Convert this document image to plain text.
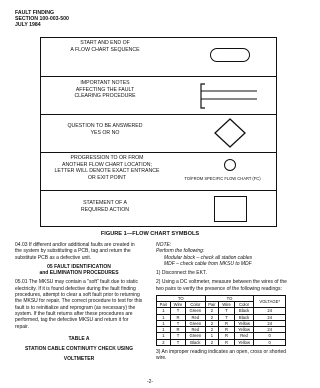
FAULT FINDING
SECTION 100-003-500
JULY 1984
START AND END OF
A FLOW CHART SEQUENCE
IMPORTANT NOTES
AFFECTING THE FAULT
CLEARING PROCEDURE
QUESTION TO BE ANSWERED
YES OR NO
PROGRESSION TO OR FROM
ANOTHER FLOW CHART LOCATION;
LETTER WILL DENOTE EXACT ENTRANCE
OR EXIT POINT	TO/FROM SPECIFIC FLOW CHART (FC)
STATEMENT OF A
REQUIRED ACTION
FIGURE 1—FLOW CHART SYMBOLS

04.03 If different and/or additional faults are created in the system by substituting a PCB, tag and return the substitute PCB as a defective unit.

05 FAULT IDENTIFICATION
and ELIMINATION PROCEDURES

05.01 The MKSU may contain a "soft" fault due to static electricity. If it is found defective during the fault finding procedures, attempt to clear a soft fault prior to returning the MKSU for repair. The correct procedure to test for this fault is to reinitialize and reprogram (as necessary) the system. If the fault returns after these procedures are performed, tag the defective MKSU and return it for repair.

TABLE A
STATION CABLE CONTINUITY CHECK USING
VOLTMETER
NOTE:
Perform the following:
Modular block – check all station cables
MDF – check cable from MKSU to MDF

1) Disconnect the EKT.

2) Using a DC voltmeter, measure between the wires of the two pairs to verify the presence of the following readings:

TO			TO			VOLTAGE*
Pair	Wire	Color	Pair	Wire	Color	
1	T	Green	2	T	Black	24
1	R	Red	2	T	Black	24
1	T	Green	2	R	Yellow	24
1	R	Red	2	R	Yellow	24
1	T	Green	1	R	Red	0
2	T	Black	2	R	Yellow	0

3) An improper reading indicates an open, cross or shorted wire.

-2-
